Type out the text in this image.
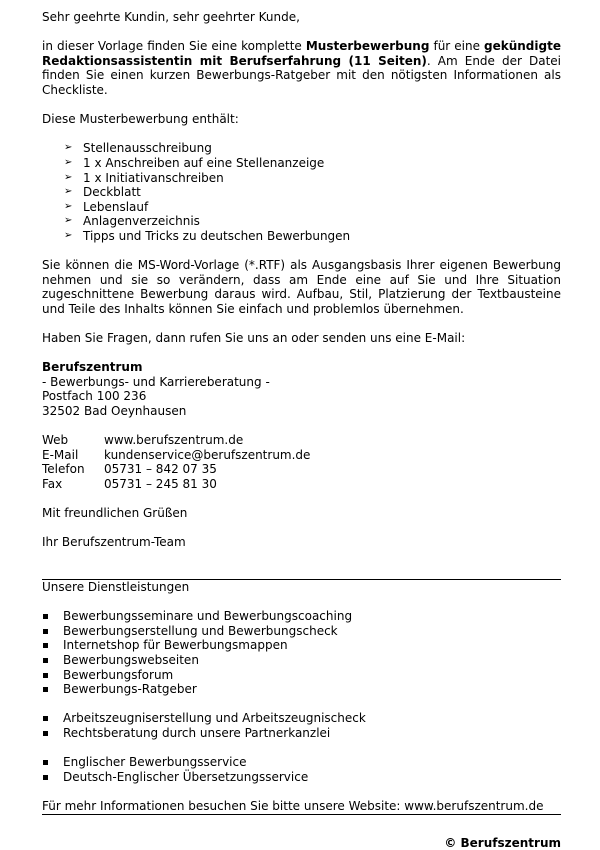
Sehr geehrte Kundin, sehr geehrter Kunde,
in dieser Vorlage finden Sie eine komplette Musterbewerbung für eine gekündigte Redaktionsassistentin mit Berufserfahrung (11 Seiten). Am Ende der Datei finden Sie einen kurzen Bewerbungs-Ratgeber mit den nötigsten Informationen als Checkliste.
Diese Musterbewerbung enthält:
➢ Stellenausschreibung
➢ 1 x Anschreiben auf eine Stellenanzeige
➢ 1 x Initiativanschreiben
➢ Deckblatt
➢ Lebenslauf
➢ Anlagenverzeichnis
➢ Tipps und Tricks zu deutschen Bewerbungen
Sie können die MS-Word-Vorlage (*.RTF) als Ausgangsbasis Ihrer eigenen Bewerbung nehmen und sie so verändern, dass am Ende eine auf Sie und Ihre Situation zugeschnittene Bewerbung daraus wird. Aufbau, Stil, Platzierung der Textbausteine und Teile des Inhalts können Sie einfach und problemlos übernehmen.
Haben Sie Fragen, dann rufen Sie uns an oder senden uns eine E-Mail:
Berufszentrum
- Bewerbungs- und Karriereberatung -
Postfach 100 236
32502 Bad Oeynhausen
Web	www.berufszentrum.de
E-Mail	kundenservice@berufszentrum.de
Telefon	05731 – 842 07 35
Fax	05731 – 245 81 30
Mit freundlichen Grüßen
Ihr Berufszentrum-Team
Unsere Dienstleistungen
Bewerbungsseminare und Bewerbungscoaching
Bewerbungserstellung und Bewerbungscheck
Internetshop für Bewerbungsmappen
Bewerbungswebseiten
Bewerbungsforum
Bewerbungs-Ratgeber
Arbeitszeugniserstellung und Arbeitszeugnischeck
Rechtsberatung durch unsere Partnerkanzlei
Englischer Bewerbungsservice
Deutsch-Englischer Übersetzungsservice
Für mehr Informationen besuchen Sie bitte unsere Website: www.berufszentrum.de
© Berufszentrum
